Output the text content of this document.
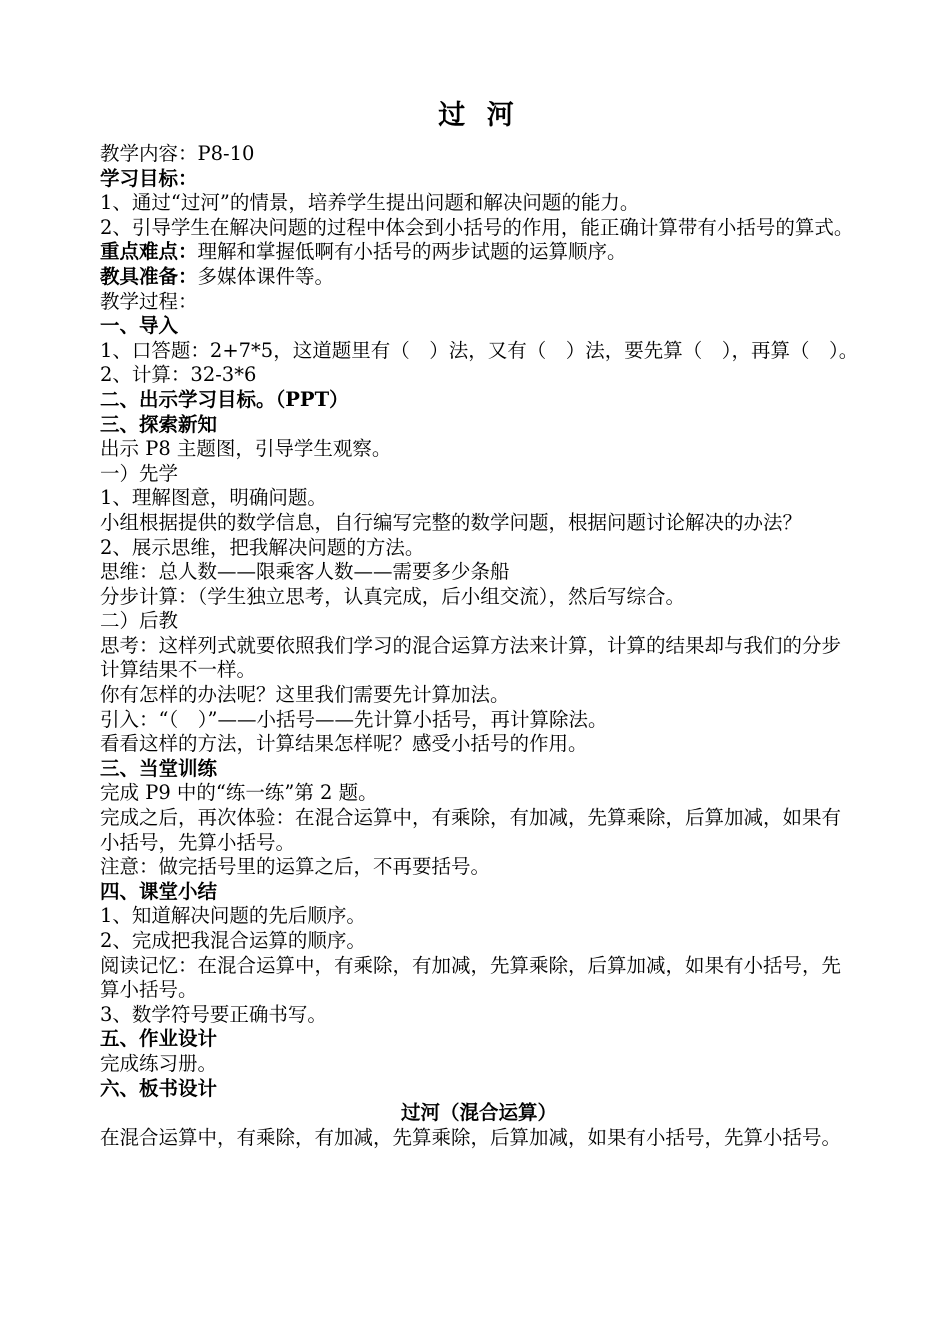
过 河
教学内容：P8-10
学习目标：
1、通过“过河”的情景，培养学生提出问题和解决问题的能力。
2、引导学生在解决问题的过程中体会到小括号的作用，能正确计算带有小括号的算式。
重点难点：理解和掌握低啊有小括号的两步试题的运算顺序。
教具准备：多媒体课件等。
教学过程：
一、导入
1、口答题：2+7*5，这道题里有（　）法，又有（　）法，要先算（　），再算（　）。
2、计算：32-3*6
二、出示学习目标。（PPT）
三、探索新知
出示 P8 主题图，引导学生观察。
一）先学
1、理解图意，明确问题。
小组根据提供的数学信息，自行编写完整的数学问题，根据问题讨论解决的办法？
2、展示思维，把我解决问题的方法。
思维：总人数——限乘客人数——需要多少条船
分步计算：（学生独立思考，认真完成，后小组交流），然后写综合。
二）后教
思考：这样列式就要依照我们学习的混合运算方法来计算，计算的结果却与我们的分步计算结果不一样。
你有怎样的办法呢？这里我们需要先计算加法。
引入：“（　）”——小括号——先计算小括号，再计算除法。
看看这样的方法，计算结果怎样呢？感受小括号的作用。
三、当堂训练
完成 P9 中的“练一练”第 2 题。
完成之后，再次体验：在混合运算中，有乘除，有加减，先算乘除，后算加减，如果有小括号，先算小括号。
注意：做完括号里的运算之后，不再要括号。
四、课堂小结
1、知道解决问题的先后顺序。
2、完成把我混合运算的顺序。
阅读记忆：在混合运算中，有乘除，有加减，先算乘除，后算加减，如果有小括号，先算小括号。
3、数学符号要正确书写。
五、作业设计
完成练习册。
六、板书设计
过河（混合运算）
在混合运算中，有乘除，有加减，先算乘除，后算加减，如果有小括号，先算小括号。
